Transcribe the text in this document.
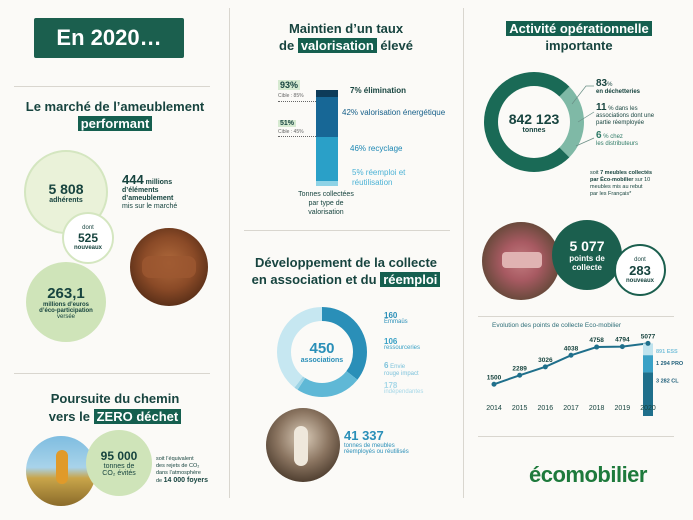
En 2020…
Le marché de l’ameublement
performant
5 808
adhérents
dont
525
nouveaux
444 millions
d’éléments
d’ameublement
mis sur le marché
263,1
millions d’euros
d’éco-participation
versée
Poursuite du chemin
vers le ZERO déchet
95 000
tonnes de
CO₂ évités
soit l’équivalent
des rejets de CO₂
dans l’atmosphère
de 14 000 foyers
Maintien d’un taux
de valorisation élevé
93%
Cible : 85%
51%
Cible : 45%
7% élimination
42% valorisation énergétique
46% recyclage
5% réemploi et réutilisation
Tonnes collectées
par type de
valorisation
Développement de la collecte
en association et du réemploi
450
associations
160
Emmaüs
106
ressourceries
6 Envie
rouge impact
178
indépendantes
41 337
tonnes de meubles
réemployés ou réutilisés
Activité opérationnelle
importante
842 123
tonnes
83%
en déchetteries
11 % dans les
associations dont une
partie réemployée
6 % chez
les distributeurs
soit 7 meubles collectés
par Éco-mobilier sur 10
meubles mis au rebut
par les Français*
5 077
points de
collecte
dont
283
nouveaux
Evolution des points de collecte Eco-mobilier
891 ESS
1 294 PRO
3 282 CL
1500
2014
2289
2015
3026
2016
4038
2017
4758
2018
4794
2019
5077
2020
écomobilier
